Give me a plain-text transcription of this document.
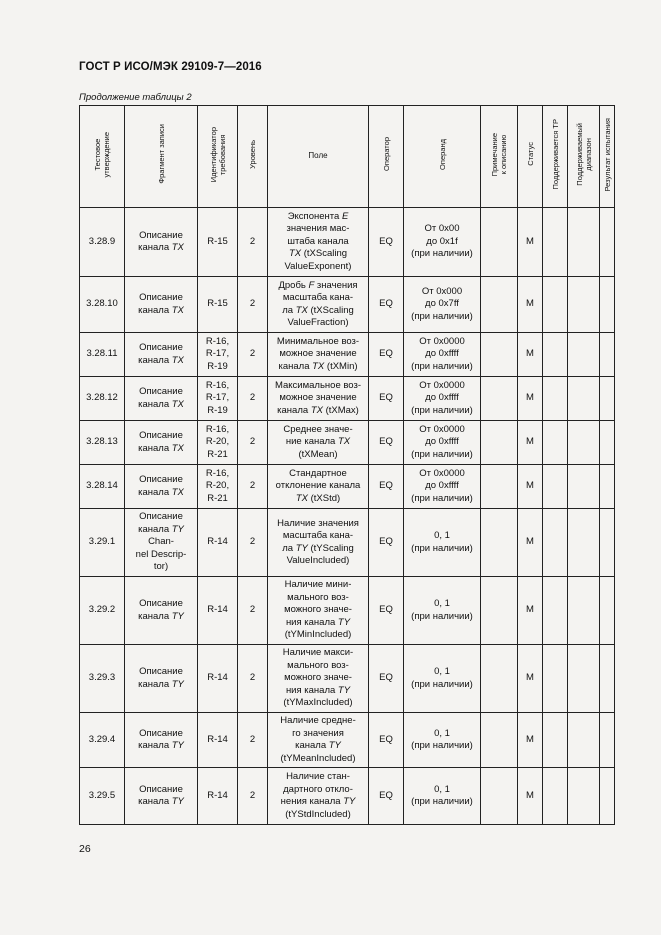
ГОСТ Р ИСО/МЭК 29109-7—2016
Продолжение таблицы 2
Тестовое
утверждение	Фрагмент записи	Идентификатор
требования	Уровень	Поле	Оператор	Операнд	Примечание
к описанию	Статус	Поддерживается ТР	Поддерживаемый
диапазон	Результат испытания

3.28.9	Описание
канала TX	R-15	2	Экспонента E
значения мас-
штаба канала
TX (tXScaling
ValueExponent)	EQ	От 0x00
до 0x1f
(при наличии)		M			

3.28.10	Описание
канала TX	R-15	2	Дробь F значения
масштаба кана-
ла TX (tXScaling
ValueFraction)	EQ	От 0x000
до 0x7ff
(при наличии)		M			

3.28.11	Описание
канала TX	R-16,
R-17,
R-19	2	Минимальное воз-
можное значение
канала TX (tXMin)	EQ	От 0x0000
до 0xffff
(при наличии)		M			

3.28.12	Описание
канала TX	R-16,
R-17,
R-19	2	Максимальное воз-
можное значение
канала TX (tXMax)	EQ	От 0x0000
до 0xffff
(при наличии)		M			

3.28.13	Описание
канала TX	R-16,
R-20,
R-21	2	Среднее значе-
ние канала TX
(tXMean)	EQ	От 0x0000
до 0xffff
(при наличии)		M			

3.28.14	Описание
канала TX	R-16,
R-20,
R-21	2	Стандартное
отклонение канала
TX (tXStd)	EQ	От 0x0000
до 0xffff
(при наличии)		M			

3.29.1	Описание
канала TY Chan-
nel Descrip-
tor)	R-14	2	Наличие значения
масштаба кана-
ла TY (tYScaling
ValueIncluded)	EQ	0, 1
(при наличии)		M			

3.29.2	Описание
канала TY	R-14	2	Наличие мини-
мального воз-
можного значе-
ния канала TY
(tYMinIncluded)	EQ	0, 1
(при наличии)		M			

3.29.3	Описание
канала TY	R-14	2	Наличие макси-
мального воз-
можного значе-
ния канала TY
(tYMaxIncluded)	EQ	0, 1
(при наличии)		M			

3.29.4	Описание
канала TY	R-14	2	Наличие средне-
го значения
канала TY
(tYMeanIncluded)	EQ	0, 1
(при наличии)		M			

3.29.5	Описание
канала TY	R-14	2	Наличие стан-
дартного откло-
нения канала TY
(tYStdIncluded)	EQ	0, 1
(при наличии)		M			

26
